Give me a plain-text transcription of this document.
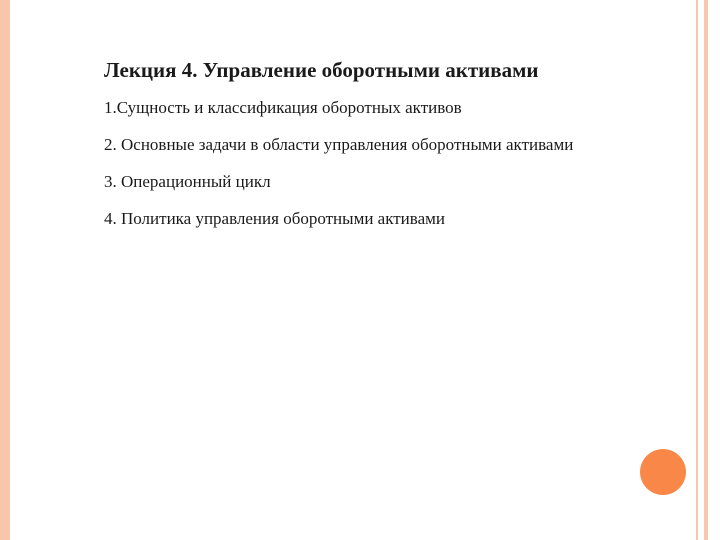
Лекция 4. Управление оборотными активами
1.Сущность и классификация оборотных активов
2. Основные задачи в области управления оборотными активами
3. Операционный цикл
4. Политика управления оборотными активами
